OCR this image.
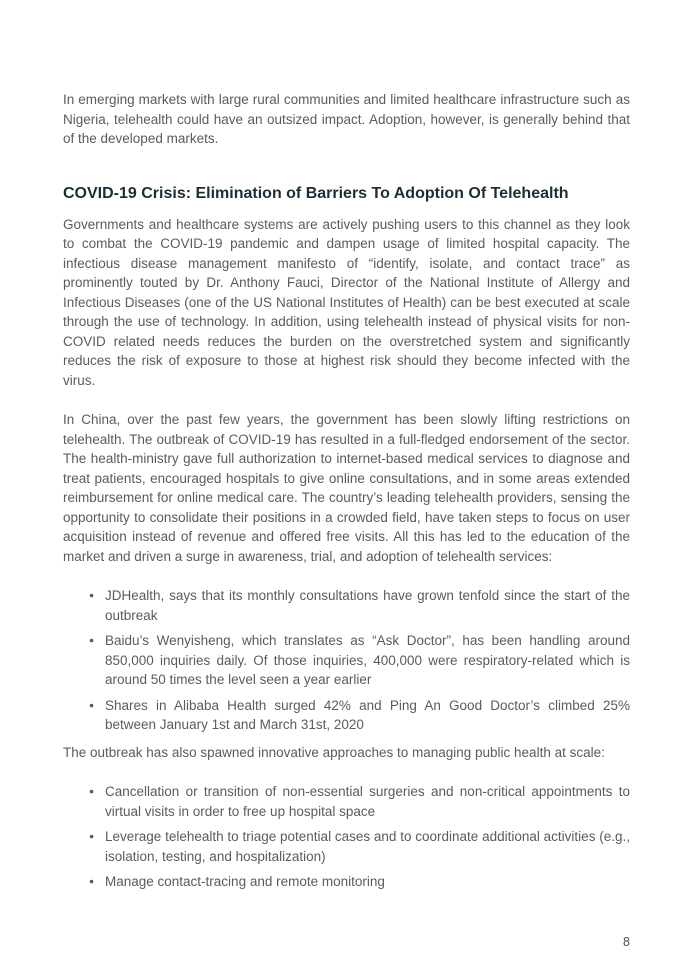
In emerging markets with large rural communities and limited healthcare infrastructure such as Nigeria, telehealth could have an outsized impact. Adoption, however, is generally behind that of the developed markets.

COVID-19 Crisis: Elimination of Barriers To Adoption Of Telehealth

Governments and healthcare systems are actively pushing users to this channel as they look to combat the COVID-19 pandemic and dampen usage of limited hospital capacity. The infectious disease management manifesto of “identify, isolate, and contact trace” as prominently touted by Dr. Anthony Fauci, Director of the National Institute of Allergy and Infectious Diseases (one of the US National Institutes of Health) can be best executed at scale through the use of technology. In addition, using telehealth instead of physical visits for non-COVID related needs reduces the burden on the overstretched system and significantly reduces the risk of exposure to those at highest risk should they become infected with the virus.

In China, over the past few years, the government has been slowly lifting restrictions on telehealth. The outbreak of COVID-19 has resulted in a full-fledged endorsement of the sector. The health-ministry gave full authorization to internet-based medical services to diagnose and treat patients, encouraged hospitals to give online consultations, and in some areas extended reimbursement for online medical care. The country’s leading telehealth providers, sensing the opportunity to consolidate their positions in a crowded field, have taken steps to focus on user acquisition instead of revenue and offered free visits. All this has led to the education of the market and driven a surge in awareness, trial, and adoption of telehealth services:

● JDHealth, says that its monthly consultations have grown tenfold since the start of the outbreak
● Baidu’s Wenyisheng, which translates as “Ask Doctor”, has been handling around 850,000 inquiries daily. Of those inquiries, 400,000 were respiratory-related which is around 50 times the level seen a year earlier
● Shares in Alibaba Health surged 42% and Ping An Good Doctor’s climbed 25% between January 1st and March 31st, 2020

The outbreak has also spawned innovative approaches to managing public health at scale:

● Cancellation or transition of non-essential surgeries and non-critical appointments to virtual visits in order to free up hospital space
● Leverage telehealth to triage potential cases and to coordinate additional activities (e.g., isolation, testing, and hospitalization)
● Manage contact-tracing and remote monitoring
8
